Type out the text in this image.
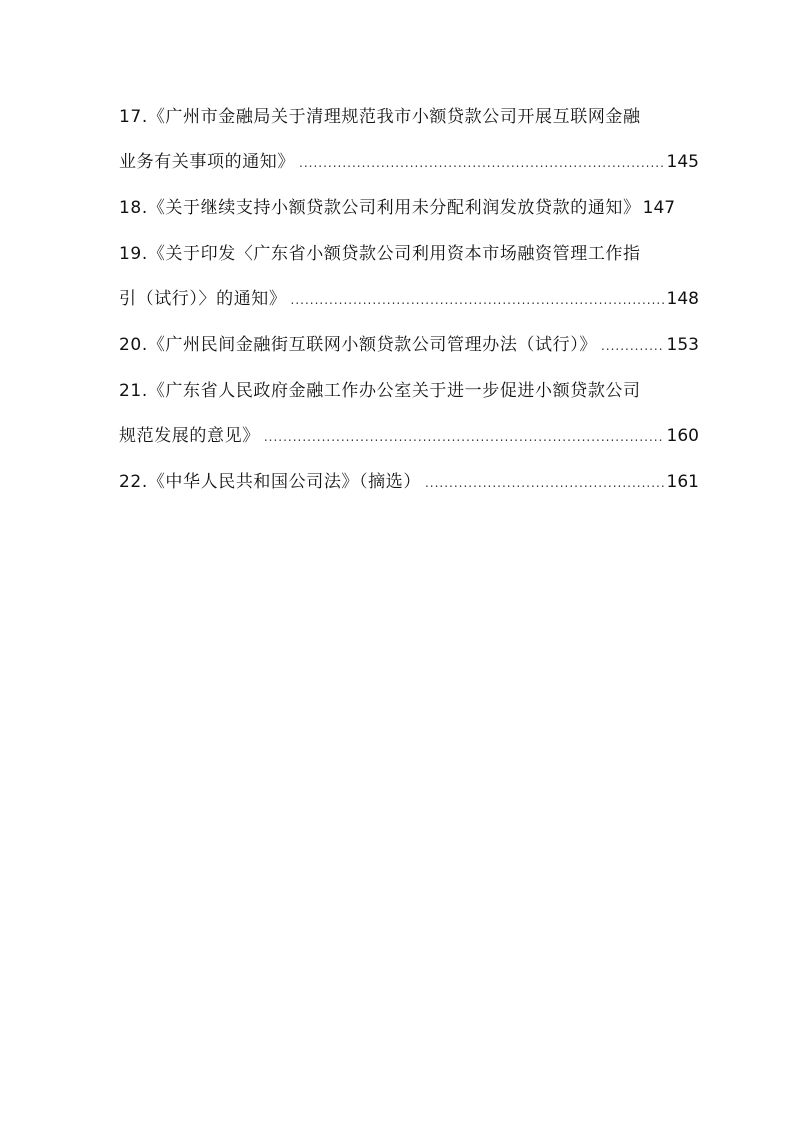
17.《广州市金融局关于清理规范我市小额贷款公司开展互联网金融
业务有关事项的通知》 .....	145
18.《关于继续支持小额贷款公司利用未分配利润发放贷款的通知》 147
19.《关于印发〈广东省小额贷款公司利用资本市场融资管理工作指
引（试行）〉的通知》 .....	148
20.《广州民间金融街互联网小额贷款公司管理办法（试行）》 .....	153
21.《广东省人民政府金融工作办公室关于进一步促进小额贷款公司
规范发展的意见》 .....	160
22.《中华人民共和国公司法》（摘选） .....	161
